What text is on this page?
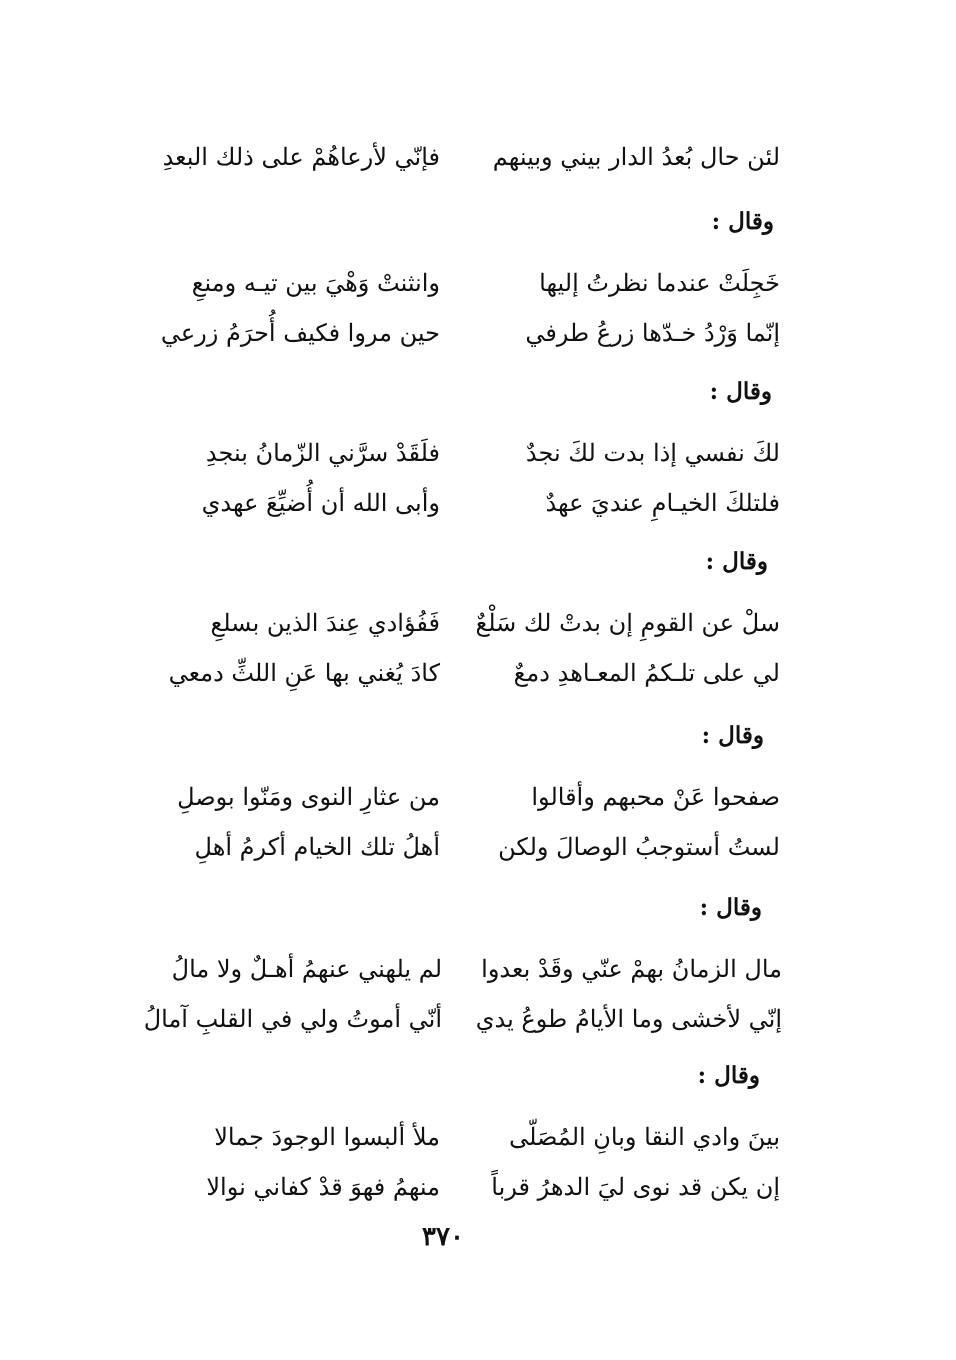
لئن حال بُعدُ الدار بيني وبينهم
فإنّي لأرعاهُمْ على ذلك البعدِ
وقال :
خَجِلَتْ عندما نظرتُ إليها
وانثنتْ وَهْيَ بين تيـه ومنعِ
إنّما وَرْدُ خـدّها زرعُ طرفي
حين مروا فكيف أُحرَمُ زرعي
وقال :
لكَ نفسي إذا بدت لكَ نجدٌ
فلَقَدْ سرَّني الزّمانُ بنجدِ
فلتلكَ الخيـامِ عنديَ عهدٌ
وأبى الله أن أُضيِّعَ عهدي
وقال :
سلْ عن القومِ إن بدتْ لك سَلْعٌ
فَفُؤادي عِندَ الذين بسلعِ
لي على تلـكمُ المعـاهدِ دمعٌ
كادَ يُغني بها عَنِ اللثِّ دمعي
وقال :
صفحوا عَنْ محبهم وأقالوا
من عثارِ النوى ومَنّوا بوصلِ
لستُ أستوجبُ الوصالَ ولكن
أهلُ تلك الخيام أكرمُ أهلِ
وقال :
مال الزمانُ بهمْ عنّي وقَدْ بعدوا
لم يلهني عنهمُ أهـلٌ ولا مالُ
إنّي لأخشى وما الأيامُ طوعُ يدي
أنّي أموتُ ولي في القلبِ آمالُ
وقال :
بينَ وادي النقا وبانِ المُصَلّى
ملأ ألبسوا الوجودَ جمالا
إن يكن قد نوى ليَ الدهرُ قرباً
منهمُ فهوَ قدْ كفاني نوالا
٣٧٠
